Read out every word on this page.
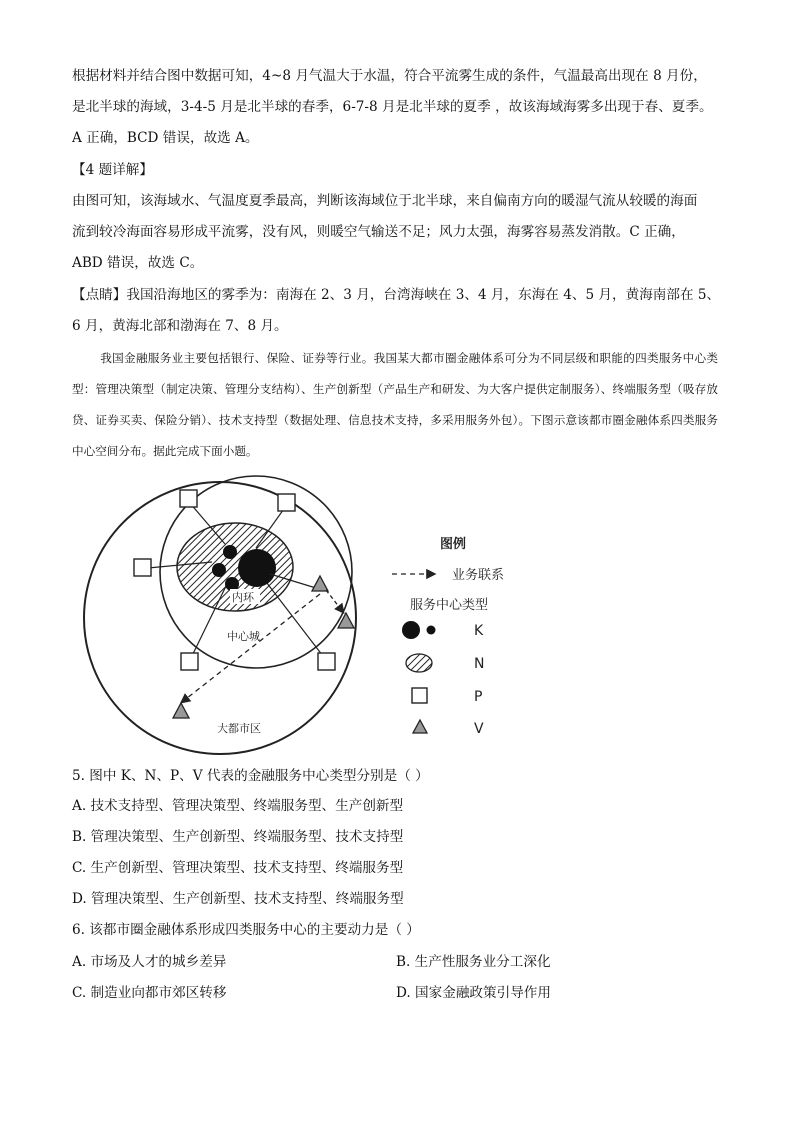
根据材料并结合图中数据可知，4~8 月气温大于水温，符合平流雾生成的条件，气温最高出现在 8 月份，
是北半球的海域，3-4-5 月是北半球的春季，6-7-8 月是北半球的夏季 ，故该海域海雾多出现于春、夏季。
A 正确，BCD 错误，故选 A。
【4 题详解】
由图可知，该海域水、气温度夏季最高，判断该海域位于北半球，来自偏南方向的暖湿气流从较暖的海面
流到较冷海面容易形成平流雾，没有风，则暖空气输送不足；风力太强，海雾容易蒸发消散。C 正确，
ABD 错误，故选 C。
【点睛】我国沿海地区的雾季为：南海在 2、3 月，台湾海峡在 3、4 月，东海在 4、5 月，黄海南部在 5、
6 月，黄海北部和渤海在 7、8 月。
我国金融服务业主要包括银行、保险、证券等行业。我国某大都市圈金融体系可分为不同层级和职能的四类服务中心类型：管理决策型（制定决策、管理分支结构）、生产创新型（产品生产和研发、为大客户提供定制服务）、终端服务型（吸存放贷、证券买卖、保险分销）、技术支持型（数据处理、信息技术支持，多采用服务外包）。下图示意该都市圈金融体系四类服务中心空间分布。据此完成下面小题。
内环
中心城
大都市区
图例
业务联系
服务中心类型
K
N
P
V
5. 图中 K、N、P、V 代表的金融服务中心类型分别是（ ）
A. 技术支持型、管理决策型、终端服务型、生产创新型
B. 管理决策型、生产创新型、终端服务型、技术支持型
C. 生产创新型、管理决策型、技术支持型、终端服务型
D. 管理决策型、生产创新型、技术支持型、终端服务型
6. 该都市圈金融体系形成四类服务中心的主要动力是（ ）
A. 市场及人才的城乡差异	B. 生产性服务业分工深化
C. 制造业向都市郊区转移	D. 国家金融政策引导作用
